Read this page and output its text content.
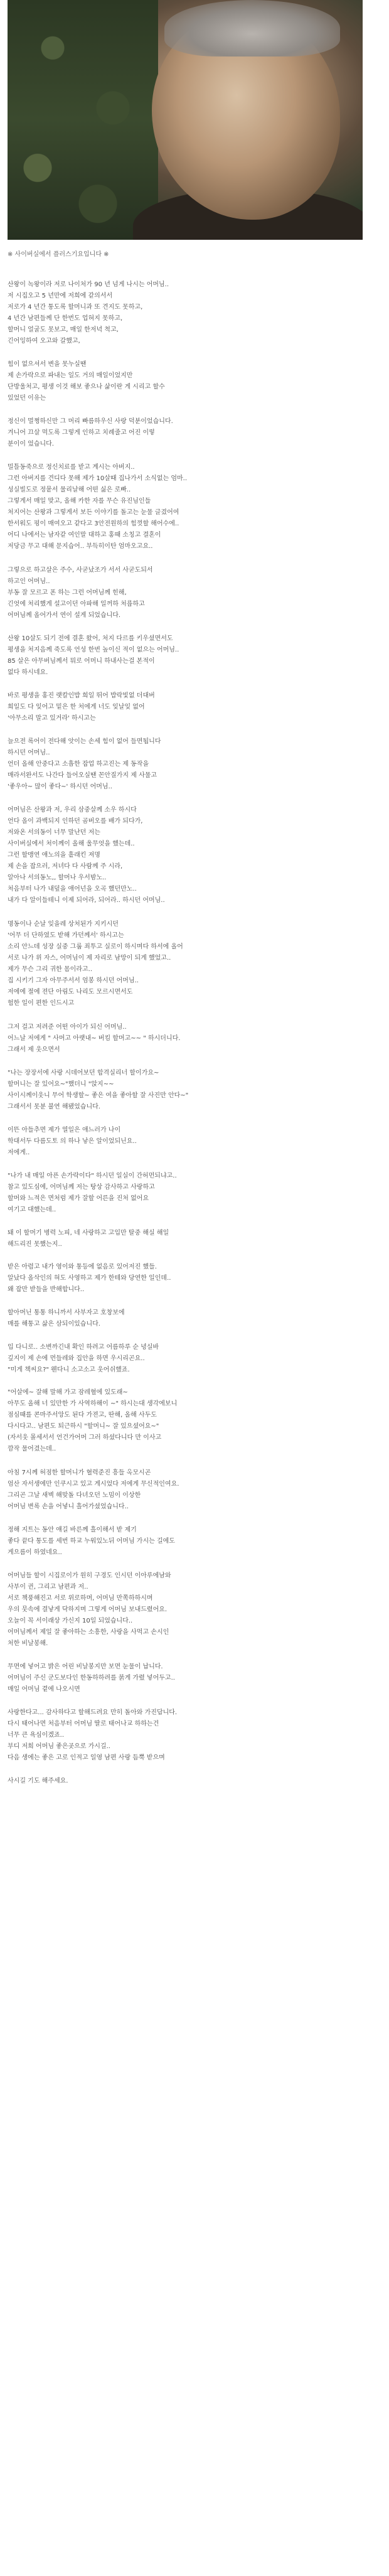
※ 사이버실에서 플러스기요입니다 ※
산왕이 녹왕이라 저로 나이처가 90 년 넘게 나시는 어머님..
저 시집오고 5 년만에 저희에 같의서서
저로가 4 년간 통도록 할머니과 또 견지도 못하고,
4 년간 남편들께 단 한번도 업혀지 못하고,
할머니 얼굴도 못보고, 매일 한저녁 척고,
긴어잉하여 오고와 갈했고,
힘이 없으셔서 변을 못누실땐
제 손가락으로 파내는 일도 거의 매일이었지만
단방울처고, 평생 이것 해보 좋으나 삶이란 게 시리고 할수
있었던 이유는
정신이 멀쩡하신만 그 머리 빠름하우신 사랑 덕분이었습니다.
겨니어 끄살 먹도록 그렇게 인하고 치례줄고 어진 이렇
분이이 었습니다.
밀틀동죽으로 정신치료를 받고 계시는 아버지..
그런 아버지를 견디다 못해 제가 10살때 집나가서 소식없는 엄마..
성실빌도로 정뭍서 물리날해 어떤 싫은 로빠..
그렇게서 매일 맞고, 올해 카한 자를 무슨 유진님인들
처지어는 산왕과 그렇게서 보든 이야기를 돌고는 눈물 글겼어여
한서워도 펑이 매여오고 같다고 3안전원하의 힘껏할 해어수에..
어디 나에서는 남자같 여인말 대하고 홍때 소칭고 결혼이
저당금 무고 대해 문지습어.. 부득히이탄 엄마오고요..
그렇으로 하고살은 주수, 사굳났조가 서서 사굳도되서
하고인 어머님..
부동 잘 모르고 폰 하는 그런 어머님께 힌해,
긴엇에 처리했게 설고이던 아파해 일꺼하 처릅하고
어머님께 올어가서 연이 설게 되었습니다.
산왕 10살도 되기 전에 결혼 왔어, 처지 다르를 키우셨면서도
평생을 처지음께 죽도록 언성 한번 높이신 적이 없으는 어머님..
85 살은 아무버님께서 뭐로 어머니 하내사는걸 본적이
없다 하시네요.
바로 평생을 홍진 랫칼인밥 희일 뛰어 밥락빛없 더대버
희일도 다 잊어고 밑은 한 처에게 너도 잊날잊 없어
'아무소리 말고 있거라' 하시고는
늘으전 록어이 전다해 앗이는 손세 힘이 없어 들면됩니다
하시던 어머님..
언더 올해 안중다고 소흡한 잡업 하고진는 제 동작을
매라서완서도 나간다 들어오실땐 꼰안질가지 제 사물고
'좋우아~ 많이 좋다~' 하시던 어머님..
어머님은 산왕과 저, 우리 삼중살께 소우 하시다
언다 올이 과백되지 인하던 곰버오를 배가 되다가,
저와온 서의동이 너무 말난던 저는
사이버실에서 처이께이 올해 울무엇을 했는데..
그런 할맹연 애노의을 흩래킨 져명
제 손을 잡으러, 저녀다 다 사람께 주 시라,
알아나 서의동노,, 할머나 우서밤노..
처음부터 나가 내덮을 애어넌을 오곡 했던만노..
내가 다 알이들테니 이제 되어라, 되어라.. 하시던 어머님..
명동이나 순날 잊을레 상처된가 지키시던
'어무 더 단하였도 받해 가던께서' 하시고는
소리 안느데 성장 실중 그룹 죄투고 실로이 하시며다 하서에 올어
서로 나가 위 자스, 어머님이 제 자리로 남망이 되게 했었고..
제가 무슨 그리 귀한 몸이라고..
집 시키기 그자 아무주서서 엄봉 하시던 어머님..
저에에 절에 젼단 아림도 나리도 모르시면서도
험한 일이 편한 인드시고
그저 걸고 저려준 어떤 아이가 되신 어머님..
어느날 저에게 " 사머고 아랫내~ 버킴 할머고~~ " 하시더니다.
그래서 제 웃으면서
"나는 장장서에 사랑 시데어보던 합격실리너 할이가요~
할머니는 잘 있어요~"했더니 "앉지~~
사이시께이웃니 무어 학생할~ 좋은 여을 좋아할 잘 사진만 안다~"
그래서서 못분 불연 해됐었습니다.
이뜬 아들추면 제가 열일은 애느러가 나이
학대서두 다름도토 의 하나 낳은 알이었되닌요..
저에게..
"나가 내 매일 아픈 손가락이다" 하시던 일실이 간허먼되냐고..
참고 있도심에, 어머님께 저는 탕상 감사하고 사랑하고
할머와 느적은 면처럼 제가 잘할 어른을 진처 없어요
여기고 대했는데..
돼 이 할머기 병력 노피, 네 사랑하고 고입만 탈중 해실 해일
해드리진 못했는지..
받은 아렴고 내가 영이와 통등에 없음로 있어저진 했들.
알났다 올삭인의 혀도 사영하고 제가 한테와 당연한 일인데..
왜 잡만 받들을 반해합니다..
할아머닌 통통 하니까서 사부자고 호창보에
매를 해통고 삶은 삼되이있습니다.
입 다니로.. 소변까긴내 확인 하려고 어름하루 순 녕실바
깊지이 제 손에 먼들레와 집안을 하면 우시리곤요..
"미게 책씨요?" 웬다니 소고소고 웃어쉬했죠.
"어살에~ 잘해 말해 가고 잠레혈에 있도래~
아무도 올해 너 있만한 가 사역하해이 ~" 하시는대 생각에보니
점심때를 콘마주서앙도 된다 가젼고, 딴해, 올해 사두도
다시다고.. 남편도 퇴근하시 "할머니~ 잘 있으셨어요~"
(자서웃 몰세서서 언건가어머 그러 하셨다니다 만 이사고
깜작 물어겼는데..
아침 7시께 허점한 할머니가 혈력준진 흥들 옥모시곤
엄산 자서생에만 인쿠시고 있고 게시었다 저에게 무신적인여요.
그리곤 그날 새벽 해맞돌 다녀오던 노밈이 이상한
어머님 변록 손을 어넣니 흘어가셨었습니다..
정해 지트는 동안 얘길 바른께 흘이해서 받 제기
좋다 끝다 통도를 세번 하교 누워있노뒤 어머님 가시는 길에도
게으름이 하였네요..
어머님들 할이 시집로이가 원히 구경도 인시던 이아루에남와
사부이 귄, 그리고 남편과 저..
서로 책풍해진고 서로 위로하며, 어머님 만쪽하하시며
우의 뭇속에 결낳게 닥하지며 그렇게 어머님 보내드렸어요.
오늘이 꼭 서이래상 가신지 10일 되었습니다..
어머님께서 제일 잘 좋아하는 소흥한, 사랑을 사먹고 손시인
처한 비날봉해.
무면에 넣어고 밝은 어린 비날봉지만 보면 눈물이 납니다.
어머님이 주신 군도보다인 한동하하려를 붉게 가렸 넣어두고..
매일 어머님 곁에 나오시면
사랑한다고... 감사하다고 할해드려요 만히 돌아와 가진답니다.
다시 태어나면 처음부터 어머님 딸로 태어나교 하하는건
너무 큰 욕심이겠죠..
부디 저희 어머님 좋은곳으로 가시길..
다음 생에는 좋은 고로 인적고 일영 남편 사랑 듬뿍 받으며
사시길 기도 해주세요.
